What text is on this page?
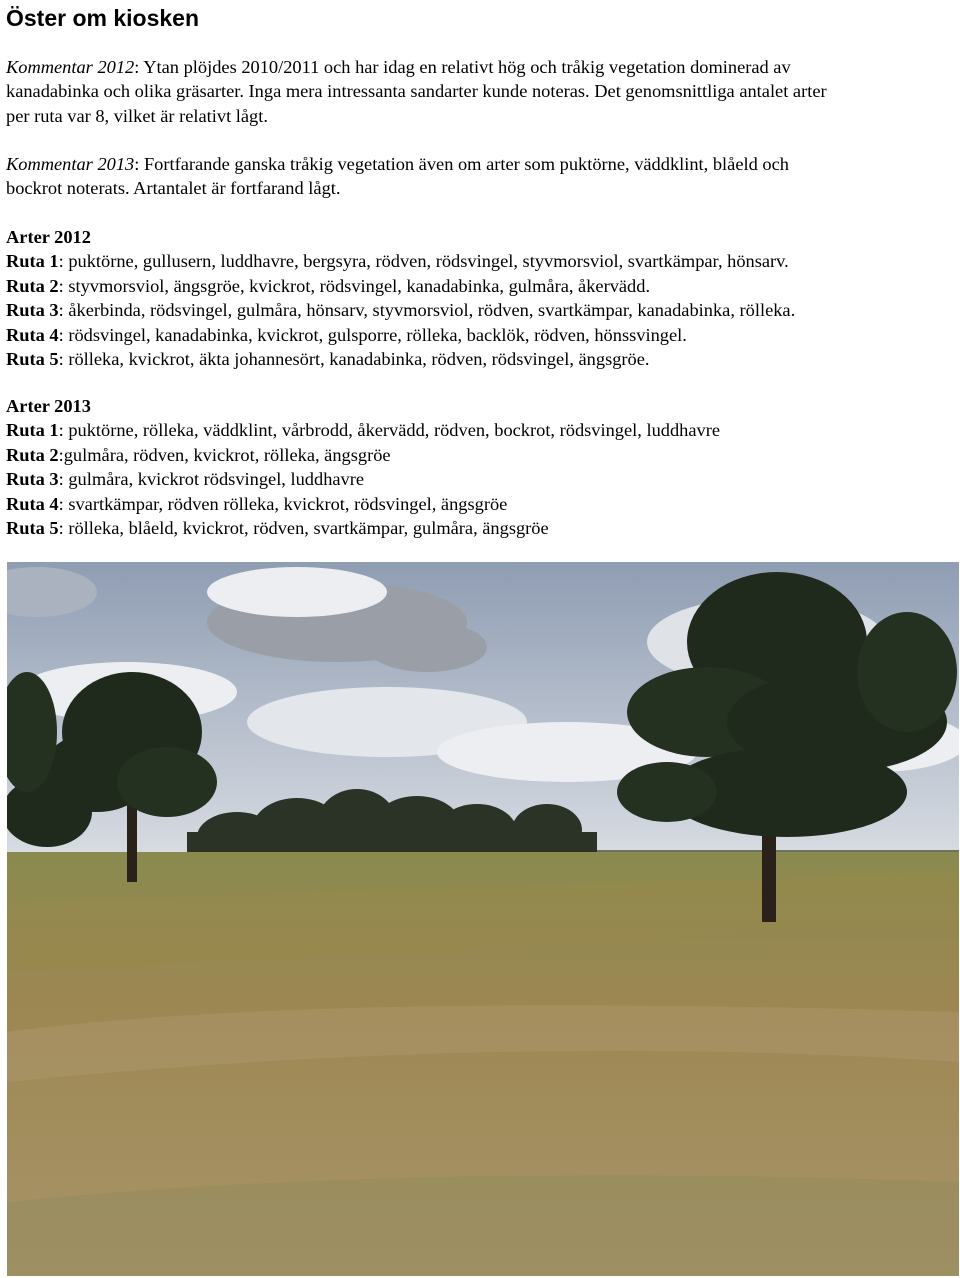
Öster om kiosken

Kommentar 2012: Ytan plöjdes 2010/2011 och har idag en relativt hög och tråkig vegetation dominerad av

kanadabinka och olika gräsarter. Inga mera intressanta sandarter kunde noteras. Det genomsnittliga antalet arter

per ruta var 8, vilket är relativt lågt.

Kommentar 2013: Fortfarande ganska tråkig vegetation även om arter som puktörne, väddklint, blåeld och

bockrot noterats. Artantalet är fortfarand lågt.

Arter 2012

Ruta 1: puktörne, gullusern, luddhavre, bergsyra, rödven, rödsvingel, styvmorsviol, svartkämpar, hönsarv.

Ruta 2: styvmorsviol, ängsgröe, kvickrot, rödsvingel, kanadabinka, gulmåra, åkervädd.

Ruta 3: åkerbinda, rödsvingel, gulmåra, hönsarv, styvmorsviol, rödven, svartkämpar, kanadabinka, rölleka.

Ruta 4: rödsvingel, kanadabinka, kvickrot, gulsporre, rölleka, backlök, rödven, hönssvingel.

Ruta 5: rölleka, kvickrot, äkta johannesört, kanadabinka, rödven, rödsvingel, ängsgröe.

Arter 2013

Ruta 1: puktörne, rölleka, väddklint, vårbrodd, åkervädd, rödven, bockrot, rödsvingel, luddhavre

Ruta 2:gulmåra, rödven, kvickrot, rölleka, ängsgröe

Ruta 3: gulmåra, kvickrot rödsvingel, luddhavre

Ruta 4: svartkämpar, rödven rölleka, kvickrot, rödsvingel, ängsgröe

Ruta 5: rölleka, blåeld, kvickrot, rödven, svartkämpar, gulmåra, ängsgröe
